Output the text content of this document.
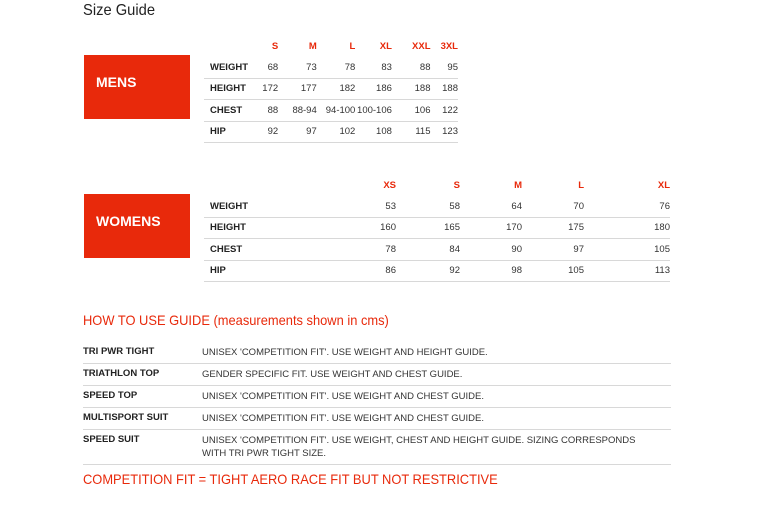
Size Guide
MENS
	S	M	L	XL	XXL	3XL
WEIGHT	68	73	78	83	88	95
HEIGHT	172	177	182	186	188	188
CHEST	88	88-94	94-100	100-106	106	122
HIP	92	97	102	108	115	123
WOMENS
	XS	S	M	L	XL
WEIGHT	53	58	64	70	76
HEIGHT	160	165	170	175	180
CHEST	78	84	90	97	105
HIP	86	92	98	105	113
HOW TO USE GUIDE (measurements shown in cms)
TRI PWR TIGHT	UNISEX 'COMPETITION FIT'. USE WEIGHT AND HEIGHT GUIDE.
TRIATHLON TOP	GENDER SPECIFIC FIT. USE WEIGHT AND CHEST GUIDE.
SPEED TOP	UNISEX 'COMPETITION FIT'. USE WEIGHT AND CHEST GUIDE.
MULTISPORT SUIT	UNISEX 'COMPETITION FIT'. USE WEIGHT AND CHEST GUIDE.
SPEED SUIT	UNISEX 'COMPETITION FIT'. USE WEIGHT, CHEST AND HEIGHT GUIDE. SIZING CORRESPONDS WITH TRI PWR TIGHT SIZE.
COMPETITION FIT = TIGHT AERO RACE FIT BUT NOT RESTRICTIVE
